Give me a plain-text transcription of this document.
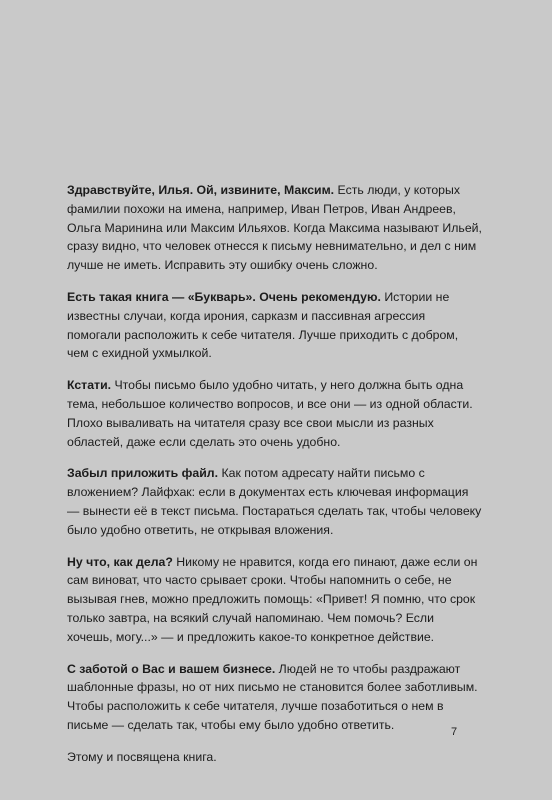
Здравствуйте, Илья. Ой, извините, Максим. Есть люди, у которых фамилии похожи на имена, например, Иван Петров, Иван Андреев, Ольга Маринина или Максим Ильяхов. Когда Максима называют Ильей, сразу видно, что человек отнесся к письму невнимательно, и дел с ним лучше не иметь. Исправить эту ошибку очень сложно.

Есть такая книга — «Букварь». Очень рекомендую. Истории не известны случаи, когда ирония, сарказм и пассивная агрессия помогали расположить к себе читателя. Лучше приходить с добром, чем с ехидной ухмылкой.

Кстати. Чтобы письмо было удобно читать, у него должна быть одна тема, небольшое количество вопросов, и все они — из одной области. Плохо вываливать на читателя сразу все свои мысли из разных областей, даже если сделать это очень удобно.

Забыл приложить файл. Как потом адресату найти письмо с вложением? Лайфхак: если в документах есть ключевая информация — вынести её в текст письма. Постараться сделать так, чтобы человеку было удобно ответить, не открывая вложения.

Ну что, как дела? Никому не нравится, когда его пинают, даже если он сам виноват, что часто срывает сроки. Чтобы напомнить о себе, не вызывая гнев, можно предложить помощь: «Привет! Я помню, что срок только завтра, на всякий случай напоминаю. Чем помочь? Если хочешь, могу...» — и предложить какое-то конкретное действие.

С заботой о Вас и вашем бизнесе. Людей не то чтобы раздражают шаблонные фразы, но от них письмо не становится более заботливым. Чтобы расположить к себе читателя, лучше позаботиться о нем в письме — сделать так, чтобы ему было удобно ответить.

Этому и посвящена книга.

7
